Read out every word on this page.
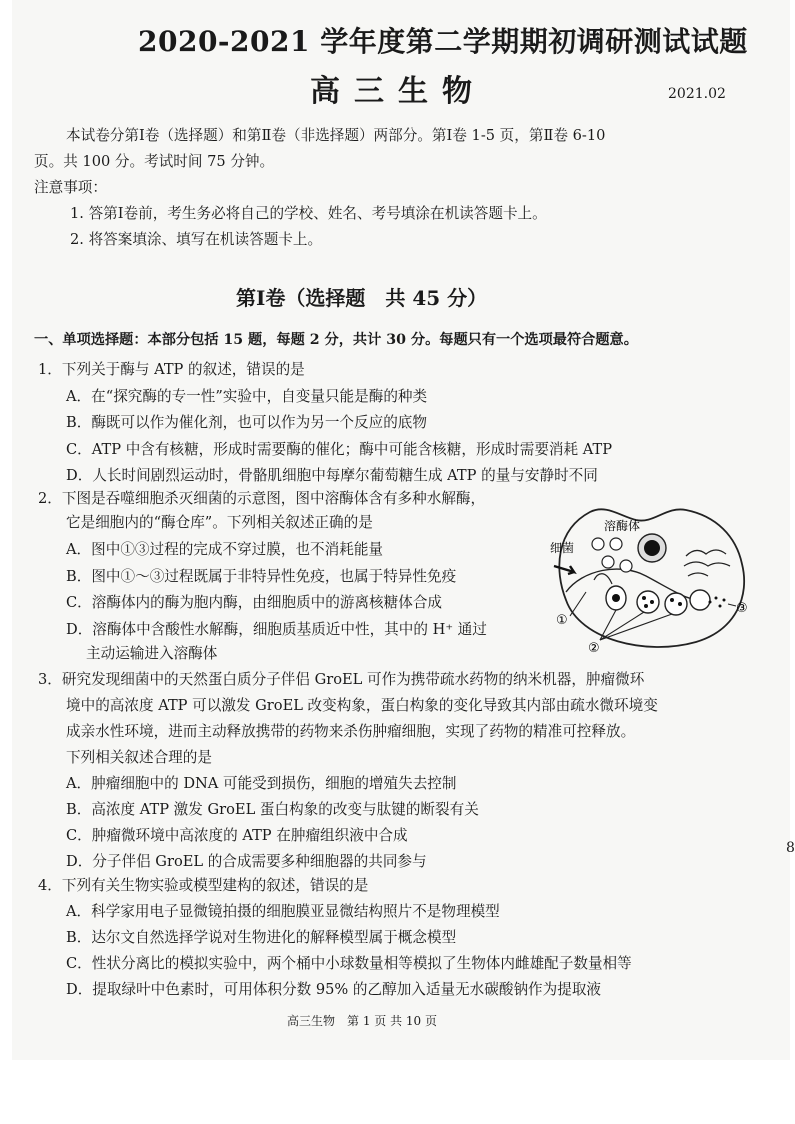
2020-2021 学年度第二学期期初调研测试试题
高三生物	2021.02
本试卷分第Ⅰ卷（选择题）和第Ⅱ卷（非选择题）两部分。第Ⅰ卷 1-5 页，第Ⅱ卷 6-10
页。共 100 分。考试时间 75 分钟。
注意事项：
1. 答第Ⅰ卷前，考生务必将自己的学校、姓名、考号填涂在机读答题卡上。
2. 将答案填涂、填写在机读答题卡上。
第Ⅰ卷（选择题　共 45 分）
一、单项选择题：本部分包括 15 题，每题 2 分，共计 30 分。每题只有一个选项最符合题意。
1．下列关于酶与 ATP 的叙述，错误的是
A．在“探究酶的专一性”实验中，自变量只能是酶的种类
B．酶既可以作为催化剂，也可以作为另一个反应的底物
C．ATP 中含有核糖，形成时需要酶的催化；酶中可能含核糖，形成时需要消耗 ATP
D．人长时间剧烈运动时，骨骼肌细胞中每摩尔葡萄糖生成 ATP 的量与安静时不同
2．下图是吞噬细胞杀灭细菌的示意图，图中溶酶体含有多种水解酶，
它是细胞内的“酶仓库”。下列相关叙述正确的是
A．图中①③过程的完成不穿过膜，也不消耗能量
B．图中①～③过程既属于非特异性免疫，也属于特异性免疫
C．溶酶体内的酶为胞内酶，由细胞质中的游离核糖体合成
D．溶酶体中含酸性水解酶，细胞质基质近中性，其中的 H⁺ 通过
主动运输进入溶酶体
溶酶体
细菌
①
②
③
3．研究发现细菌中的天然蛋白质分子伴侣 GroEL 可作为携带疏水药物的纳米机器，肿瘤微环
境中的高浓度 ATP 可以激发 GroEL 改变构象，蛋白构象的变化导致其内部由疏水微环境变
成亲水性环境，进而主动释放携带的药物来杀伤肿瘤细胞，实现了药物的精准可控释放。
下列相关叙述合理的是
A．肿瘤细胞中的 DNA 可能受到损伤，细胞的增殖失去控制
B．高浓度 ATP 激发 GroEL 蛋白构象的改变与肽键的断裂有关
C．肿瘤微环境中高浓度的 ATP 在肿瘤组织液中合成
D．分子伴侣 GroEL 的合成需要多种细胞器的共同参与
4．下列有关生物实验或模型建构的叙述，错误的是
A．科学家用电子显微镜拍摄的细胞膜亚显微结构照片不是物理模型
B．达尔文自然选择学说对生物进化的解释模型属于概念模型
C．性状分离比的模拟实验中，两个桶中小球数量相等模拟了生物体内雌雄配子数量相等
D．提取绿叶中色素时，可用体积分数 95% 的乙醇加入适量无水碳酸钠作为提取液
高三生物　第 1 页 共 10 页
8
